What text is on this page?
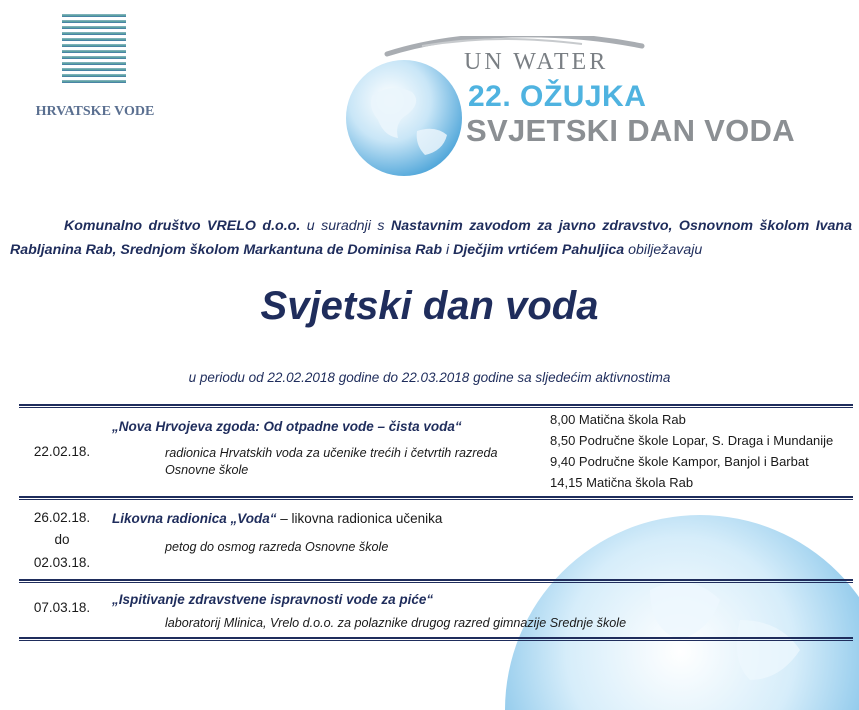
HRVATSKE VODE
UN WATER
22. OŽUJKA
SVJETSKI DAN VODA
Komunalno društvo VRELO d.o.o. u suradnji s Nastavnim zavodom za javno zdravstvo, Osnovnom školom Ivana Rabljanina Rab, Srednjom školom Markantuna de Dominisa Rab i Dječjim vrtićem Pahuljica obilježavaju
Svjetski dan voda
u periodu od 22.02.2018 godine do 22.03.2018 godine sa sljedećim aktivnostima
22.02.18.
„Nova Hrvojeva zgoda: Od otpadne vode – čista voda“
radionica Hrvatskih voda za učenike trećih i četvrtih razreda
Osnovne škole
8,00 Matična škola Rab
8,50 Područne škole Lopar, S. Draga i Mundanije
9,40 Područne škole Kampor, Banjol i Barbat
14,15 Matična škola Rab
26.02.18.
do
02.03.18.
Likovna radionica „Voda“ – likovna radionica učenika
petog do osmog razreda Osnovne škole
07.03.18.
„Ispitivanje zdravstvene ispravnosti vode za piće“
laboratorij Mlinica, Vrelo d.o.o. za polaznike drugog razred gimnazije Srednje škole
